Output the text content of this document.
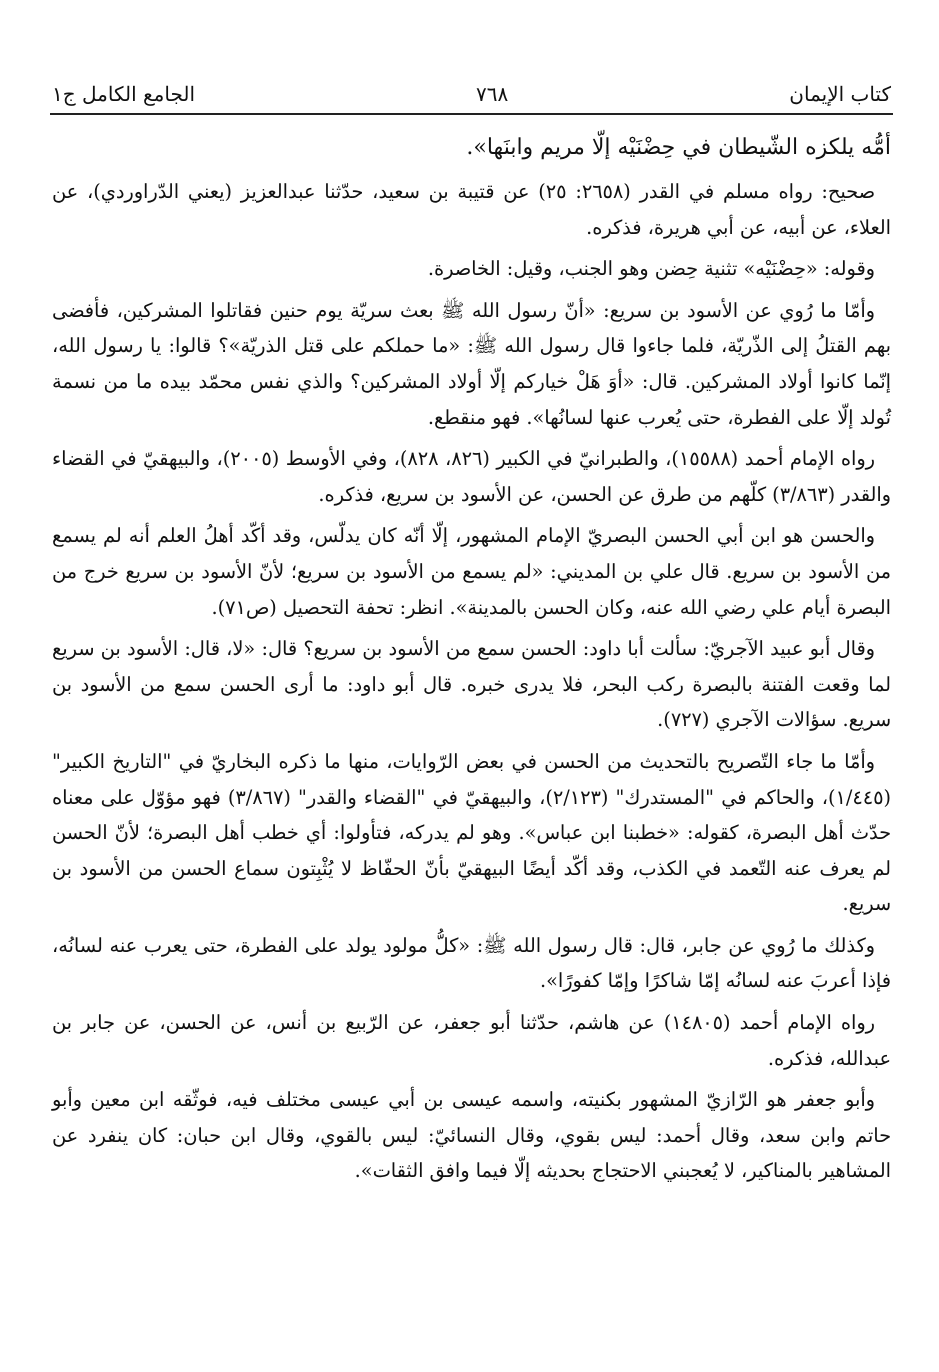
كتاب الإيمان
٧٦٨
الجامع الكامل ج١

أمُّه يلكزه الشّيطان في حِضْنَيْه إلّا مريم وابنَها».

صحيح: رواه مسلم في القدر (٢٦٥٨: ٢٥) عن قتيبة بن سعيد، حدّثنا عبدالعزيز (يعني الدّراوردي)، عن العلاء، عن أبيه، عن أبي هريرة، فذكره.

وقوله: «حِضْنَيْه» تثنية حِضن وهو الجنب، وقيل: الخاصرة.

وأمّا ما رُوي عن الأسود بن سريع: «أنّ رسول الله ﷺ بعث سريّة يوم حنين فقاتلوا المشركين، فأفضى بهم القتلُ إلى الذّريّة، فلما جاءوا قال رسول الله ﷺ: «ما حملكم على قتل الذريّة»؟ قالوا: يا رسول الله، إنّما كانوا أولاد المشركين. قال: «أوَ هَلْ خياركم إلّا أولاد المشركين؟ والذي نفس محمّد بيده ما من نسمة تُولد إلّا على الفطرة، حتى يُعرب عنها لسانُها». فهو منقطع.

رواه الإمام أحمد (١٥٥٨٨)، والطبرانيّ في الكبير (٨٢٦، ٨٢٨)، وفي الأوسط (٢٠٠٥)، والبيهقيّ في القضاء والقدر (٣/٨٦٣) كلّهم من طرق عن الحسن، عن الأسود بن سريع، فذكره.

والحسن هو ابن أبي الحسن البصريّ الإمام المشهور، إلّا أنّه كان يدلّس، وقد أكّد أهلُ العلم أنه لم يسمع من الأسود بن سريع. قال علي بن المديني: «لم يسمع من الأسود بن سريع؛ لأنّ الأسود بن سريع خرج من البصرة أيام علي رضي الله عنه، وكان الحسن بالمدينة». انظر: تحفة التحصيل (ص٧١).

وقال أبو عبيد الآجريّ: سألت أبا داود: الحسن سمع من الأسود بن سريع؟ قال: «لا، قال: الأسود بن سريع لما وقعت الفتنة بالبصرة ركب البحر، فلا يدرى خبره. قال أبو داود: ما أرى الحسن سمع من الأسود بن سريع. سؤالات الآجري (٧٢٧).

وأمّا ما جاء التّصريح بالتحديث من الحسن في بعض الرّوايات، منها ما ذكره البخاريّ في "التاريخ الكبير" (١/٤٤٥)، والحاكم في "المستدرك" (٢/١٢٣)، والبيهقيّ في "القضاء والقدر" (٣/٨٦٧) فهو مؤوّل على معناه حدّث أهل البصرة، كقوله: «خطبنا ابن عباس». وهو لم يدركه، فتأولوا: أي خطب أهل البصرة؛ لأنّ الحسن لم يعرف عنه التّعمد في الكذب، وقد أكّد أيضًا البيهقيّ بأنّ الحفّاظ لا يُثْبِتون سماع الحسن من الأسود بن سريع.

وكذلك ما رُوي عن جابر، قال: قال رسول الله ﷺ: «كلُّ مولود يولد على الفطرة، حتى يعرب عنه لسانُه، فإذا أعربَ عنه لسانُه إمّا شاكرًا وإمّا كفورًا».

رواه الإمام أحمد (١٤٨٠٥) عن هاشم، حدّثنا أبو جعفر، عن الرّبيع بن أنس، عن الحسن، عن جابر بن عبدالله، فذكره.

وأبو جعفر هو الرّازيّ المشهور بكنيته، واسمه عيسى بن أبي عيسى مختلف فيه، فوثّقه ابن معين وأبو حاتم وابن سعد، وقال أحمد: ليس بقوي، وقال النسائيّ: ليس بالقوي، وقال ابن حبان: كان ينفرد عن المشاهير بالمناكير، لا يُعجبني الاحتجاج بحديثه إلّا فيما وافق الثقات».
